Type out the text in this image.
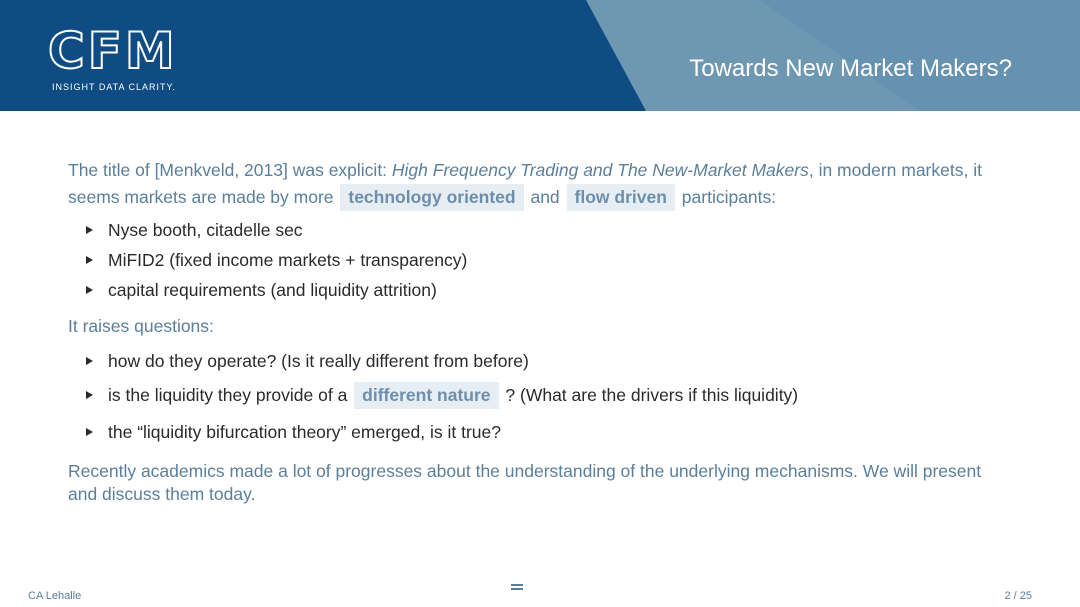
CFM
INSIGHT DATA CLARITY.
Towards New Market Makers?

The title of [Menkveld, 2013] was explicit: High Frequency Trading and The New-Market Makers, in modern markets, it seems markets are made by more technology oriented and flow driven participants:

Nyse booth, citadelle sec
MiFID2 (fixed income markets + transparency)
capital requirements (and liquidity attrition)

It raises questions:

how do they operate? (Is it really different from before)
is the liquidity they provide of a different nature ? (What are the drivers if this liquidity)
the “liquidity bifurcation theory” emerged, is it true?

Recently academics made a lot of progresses about the understanding of the underlying mechanisms. We will present and discuss them today.

CA Lehalle	2 / 25
